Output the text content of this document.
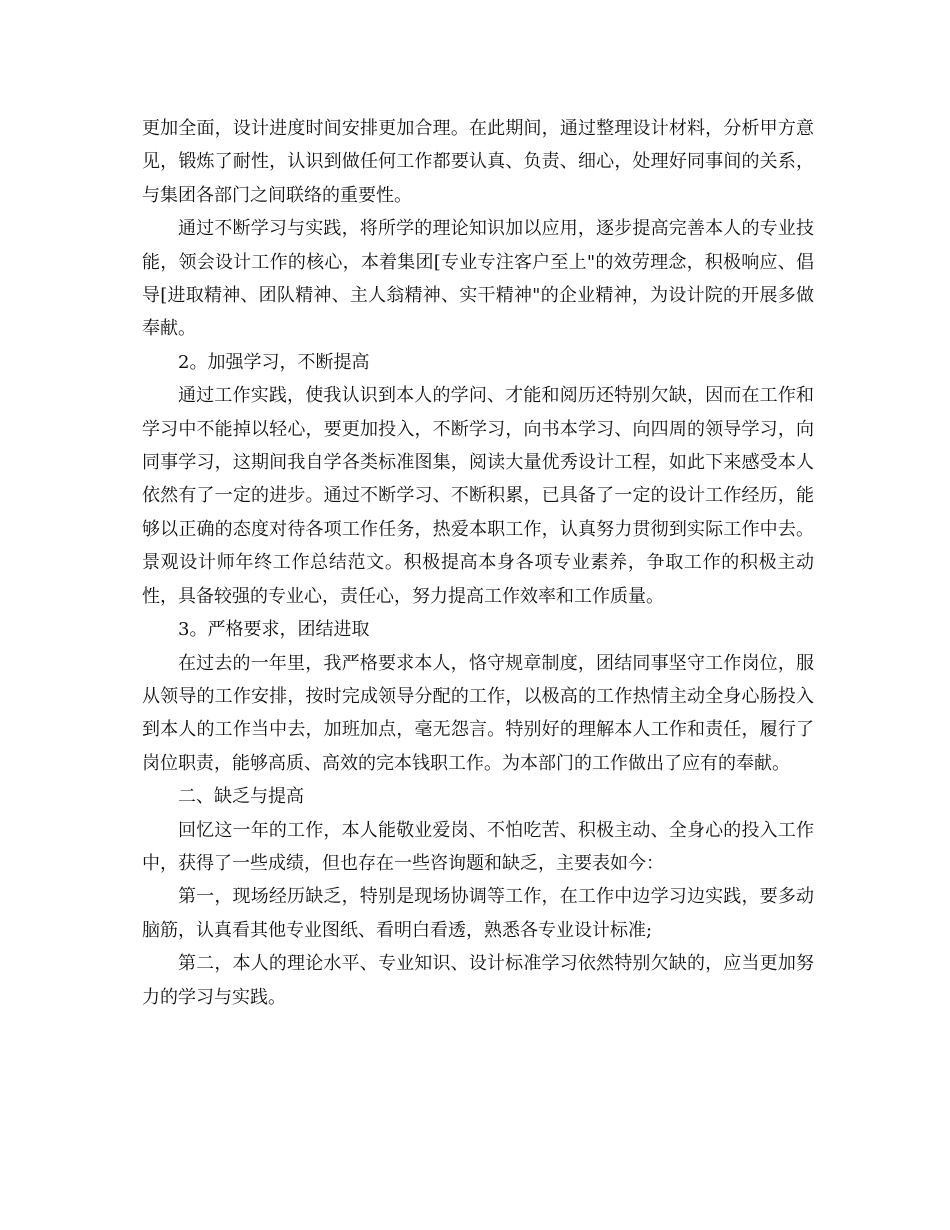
更加全面，设计进度时间安排更加合理。在此期间，通过整理设计材料，分析甲方意见，锻炼了耐性，认识到做任何工作都要认真、负责、细心，处理好同事间的关系，与集团各部门之间联络的重要性。

通过不断学习与实践，将所学的理论知识加以应用，逐步提高完善本人的专业技能，领会设计工作的核心，本着集团[专业专注客户至上"的效劳理念，积极响应、倡导[进取精神、团队精神、主人翁精神、实干精神"的企业精神，为设计院的开展多做奉献。

2。加强学习，不断提高

通过工作实践，使我认识到本人的学问、才能和阅历还特别欠缺，因而在工作和学习中不能掉以轻心，要更加投入，不断学习，向书本学习、向四周的领导学习，向同事学习，这期间我自学各类标准图集，阅读大量优秀设计工程，如此下来感受本人依然有了一定的进步。通过不断学习、不断积累，已具备了一定的设计工作经历，能够以正确的态度对待各项工作任务，热爱本职工作，认真努力贯彻到实际工作中去。景观设计师年终工作总结范文。积极提高本身各项专业素养，争取工作的积极主动性，具备较强的专业心，责任心，努力提高工作效率和工作质量。

3。严格要求，团结进取

在过去的一年里，我严格要求本人，恪守规章制度，团结同事坚守工作岗位，服从领导的工作安排，按时完成领导分配的工作，以极高的工作热情主动全身心肠投入到本人的工作当中去，加班加点，毫无怨言。特别好的理解本人工作和责任，履行了岗位职责，能够高质、高效的完本钱职工作。为本部门的工作做出了应有的奉献。

二、缺乏与提高

回忆这一年的工作，本人能敬业爱岗、不怕吃苦、积极主动、全身心的投入工作中，获得了一些成绩，但也存在一些咨询题和缺乏，主要表如今：

第一，现场经历缺乏，特别是现场协调等工作，在工作中边学习边实践，要多动脑筋，认真看其他专业图纸、看明白看透，熟悉各专业设计标准;

第二，本人的理论水平、专业知识、设计标准学习依然特别欠缺的，应当更加努力的学习与实践。
